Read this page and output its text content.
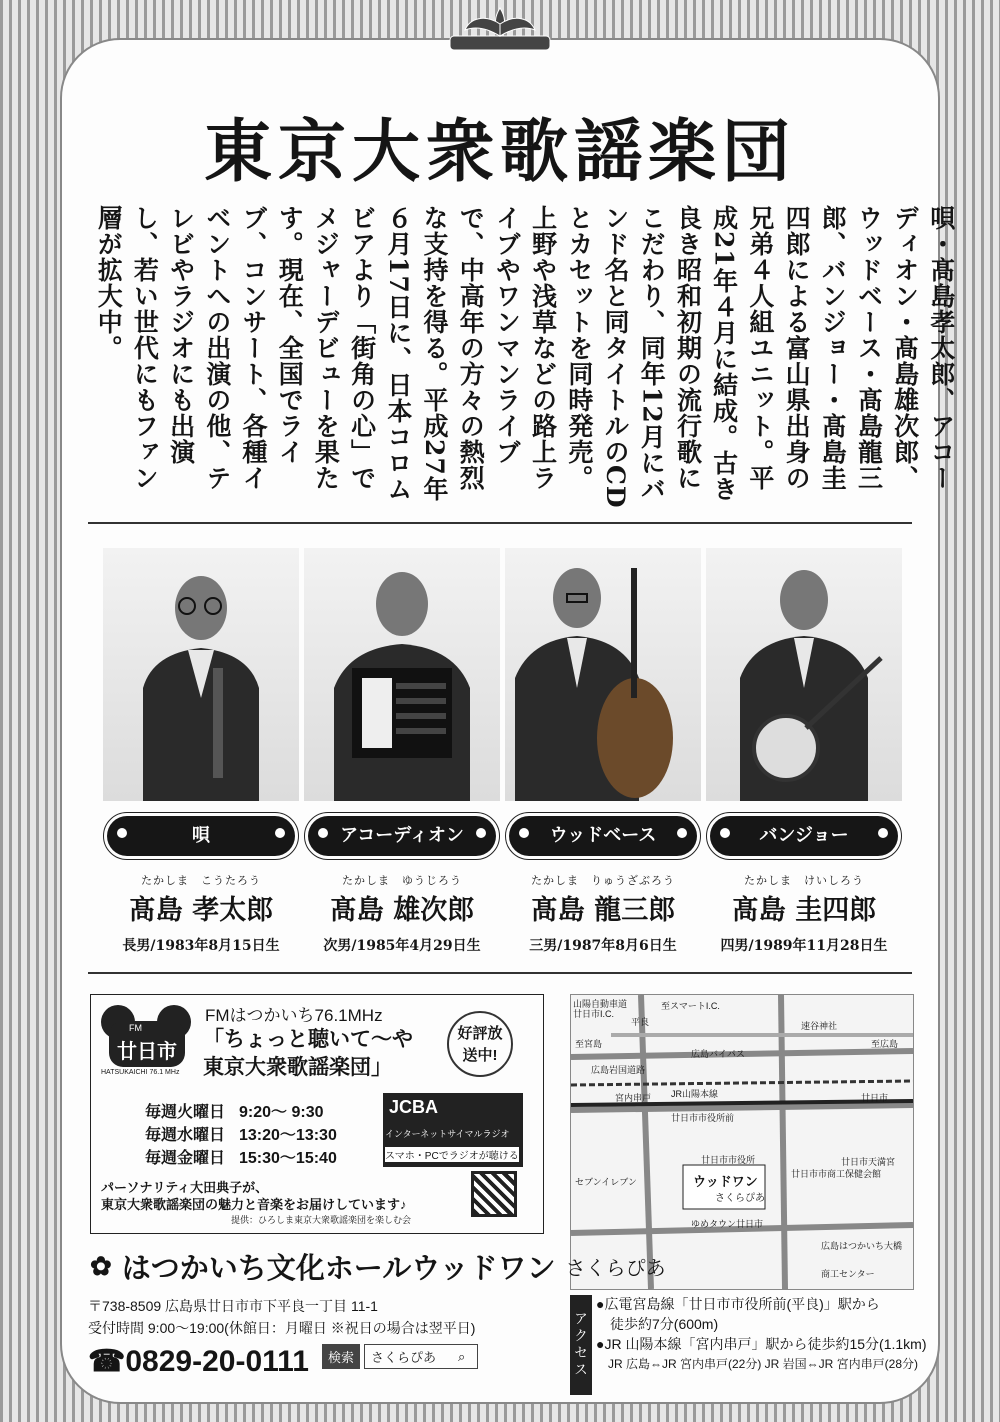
東京大衆歌謡楽団
唄・髙島孝太郎、アコーディオン・髙島雄次郎、ウッドベース・髙島龍三郎、バンジョー・髙島圭四郎による富山県出身の兄弟４人組ユニット。平成21年４月に結成。古き良き昭和初期の流行歌にこだわり、同年12月にバンド名と同タイトルのCDとカセットを同時発売。上野や浅草などの路上ライブやワンマンライブで、中高年の方々の熱烈な支持を得る。平成27年６月17日に、日本コロムビアより「街角の心」でメジャーデビューを果たす。現在、全国でライブ、コンサート、各種イベントへの出演の他、テレビやラジオにも出演し、若い世代にもファン層が拡大中。
唄	アコーディオン	ウッドベース	バンジョー
たかしま　こうたろう	たかしま　ゆうじろう	たかしま　りゅうざぶろう	たかしま　けいしろう
髙島 孝太郎	髙島 雄次郎	髙島 龍三郎	髙島 圭四郎
長男/1983年8月15日生	次男/1985年4月29日生	三男/1987年8月6日生	四男/1989年11月28日生
FM
廿日市
HATSUKAICHI 76.1 MHz
FMはつかいち76.1MHz
「ちょっと聴いて〜や
東京大衆歌謡楽団」
好評放送中!
毎週火曜日 9:20〜 9:30
毎週水曜日 13:20〜13:30
毎週金曜日 15:30〜15:40
JCBA
インターネットサイマルラジオ
スマホ・PCでラジオが聴ける
パーソナリティ大田典子が、
東京大衆歌謡楽団の魅力と音楽をお届けしています♪
提供：ひろしま東京大衆歌謡楽団を楽しむ会
山陽自動車道
廿日市I.C.
至スマートI.C.
平良
至宮島	至広島
速谷神社
広島岩国道路
広島バイパス
JR山陽本線
宮内串戸	廿日市
廿日市市役所前
廿日市天満宮
廿日市市商工保健会館
廿日市市役所
セブンイレブン	ウッドワン
さくらぴあ
ゆめタウン廿日市
広島はつかいち大橋
商工センター
✿ はつかいち文化ホールウッドワン さくらぴあ
〒738-8509 広島県廿日市市下平良一丁目 11-1
受付時間 9:00〜19:00(休館日：月曜日 ※祝日の場合は翌平日)
☎0829-20-0111	検索	さくらぴあ	⌕	アクセス
●広電宮島線「廿日市市役所前(平良)」駅から
　徒歩約7分(600m)
●JR 山陽本線「宮内串戸」駅から徒歩約15分(1.1km)
　JR 広島⇔JR 宮内串戸(22分) JR 岩国⇔JR 宮内串戸(28分)
